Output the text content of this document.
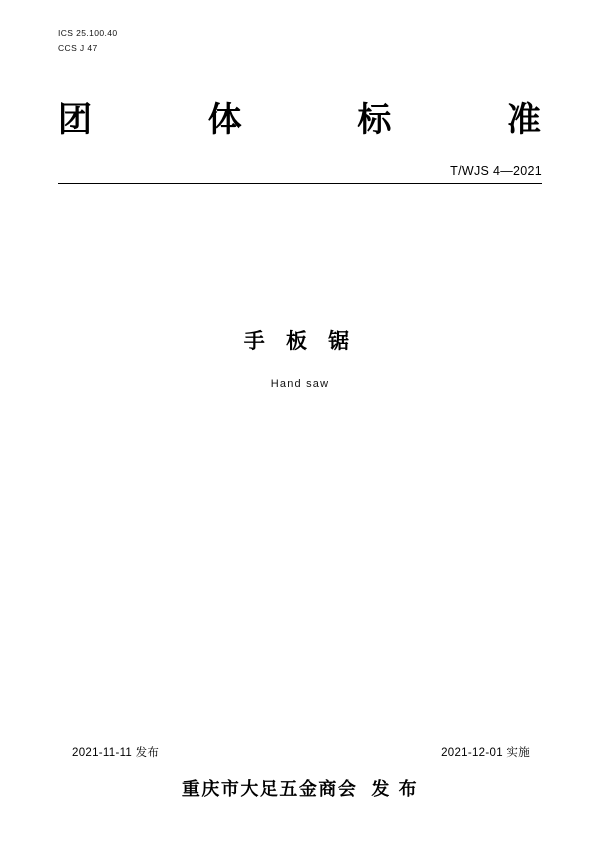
ICS 25.100.40
CCS J 47
团	体	标	准
T/WJS 4—2021
手 板 锯
Hand saw
2021-11-11 发布	2021-12-01 实施
重庆市大足五金商会 发 布
